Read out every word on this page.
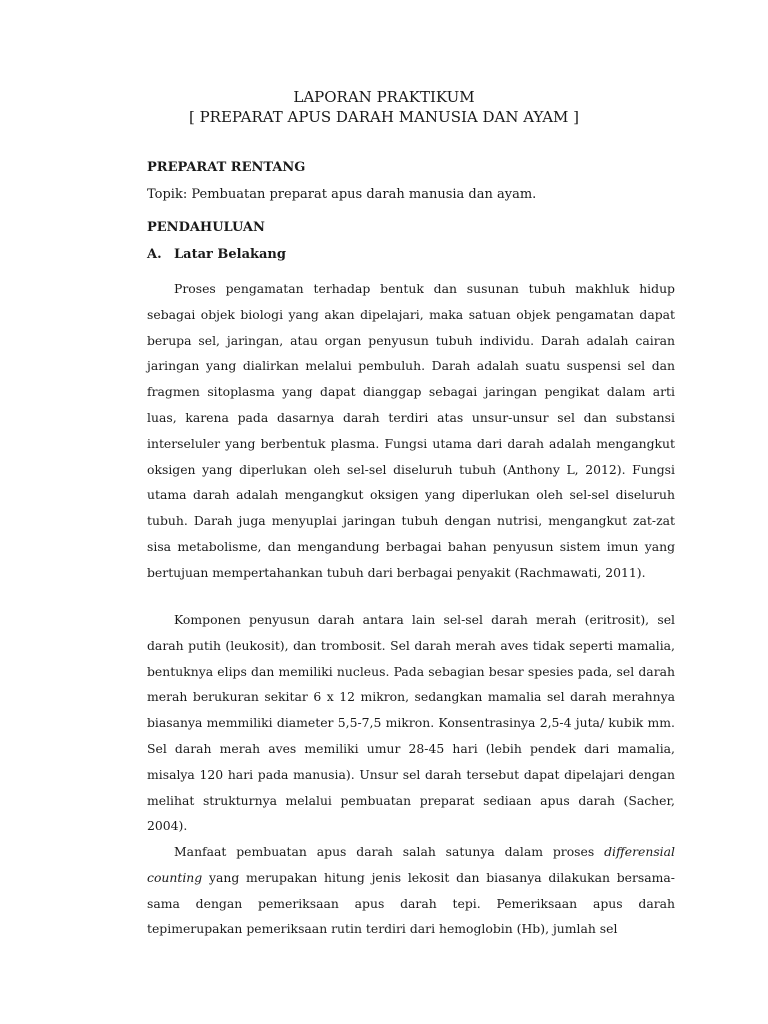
LAPORAN PRAKTIKUM
[ PREPARAT APUS DARAH MANUSIA DAN AYAM ]
PREPARAT RENTANG
Topik: Pembuatan preparat apus darah manusia dan ayam.
PENDAHULUAN
A. Latar Belakang

Proses pengamatan terhadap bentuk dan susunan tubuh makhluk hidup sebagai objek biologi yang akan dipelajari, maka satuan objek pengamatan dapat berupa sel, jaringan, atau organ penyusun tubuh individu. Darah adalah cairan jaringan yang dialirkan melalui pembuluh. Darah adalah suatu suspensi sel dan fragmen sitoplasma yang dapat dianggap sebagai jaringan pengikat dalam arti luas, karena pada dasarnya darah terdiri atas unsur-unsur sel dan substansi interseluler yang berbentuk plasma. Fungsi utama dari darah adalah mengangkut oksigen yang diperlukan oleh sel-sel diseluruh tubuh (Anthony L, 2012). Fungsi utama darah adalah mengangkut oksigen yang diperlukan oleh sel-sel diseluruh tubuh. Darah juga menyuplai jaringan tubuh dengan nutrisi, mengangkut zat-zat sisa metabolisme, dan mengandung berbagai bahan penyusun sistem imun yang bertujuan mempertahankan tubuh dari berbagai penyakit (Rachmawati, 2011).

Komponen penyusun darah antara lain sel-sel darah merah (eritrosit), sel darah putih (leukosit), dan trombosit. Sel darah merah aves tidak seperti mamalia, bentuknya elips dan memiliki nucleus. Pada sebagian besar spesies pada, sel darah merah berukuran sekitar 6 x 12 mikron, sedangkan mamalia sel darah merahnya biasanya memmiliki diameter 5,5-7,5 mikron. Konsentrasinya 2,5-4 juta/ kubik mm. Sel darah merah aves memiliki umur 28-45 hari (lebih pendek dari mamalia, misalya 120 hari pada manusia). Unsur sel darah tersebut dapat dipelajari dengan melihat strukturnya melalui pembuatan preparat sediaan apus darah (Sacher, 2004).

Manfaat pembuatan apus darah salah satunya dalam proses differensial counting yang merupakan hitung jenis lekosit dan biasanya dilakukan bersama-sama dengan pemeriksaan apus darah tepi. Pemeriksaan apus darah tepimerupakan pemeriksaan rutin terdiri dari hemoglobin (Hb), jumlah sel
